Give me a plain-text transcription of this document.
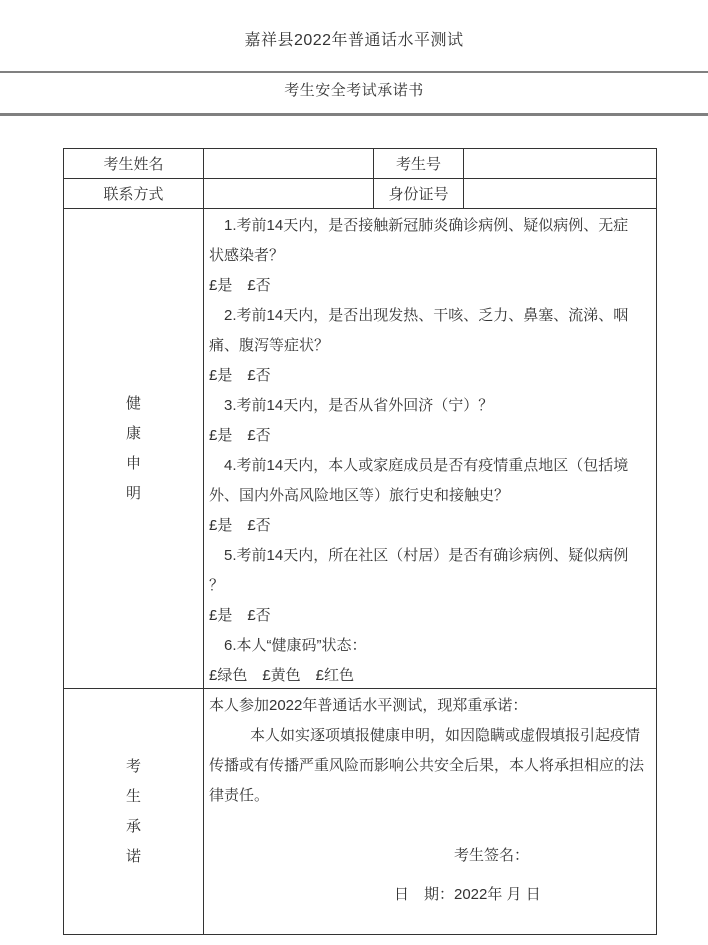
嘉祥县2022年普通话水平测试
考生安全考试承诺书
考生姓名	考生号
联系方式	身份证号
健
康
申
明
1.考前14天内，是否接触新冠肺炎确诊病例、疑似病例、无症
状感染者？
£是　£否
2.考前14天内，是否出现发热、干咳、乏力、鼻塞、流涕、咽
痛、腹泻等症状？
£是　£否
3.考前14天内，是否从省外回济（宁）？
£是　£否
4.考前14天内，本人或家庭成员是否有疫情重点地区（包括境
外、国内外高风险地区等）旅行史和接触史？
£是　£否
5.考前14天内，所在社区（村居）是否有确诊病例、疑似病例
？
£是　£否
6.本人“健康码”状态：
£绿色　£黄色　£红色
考
生
承
诺
本人参加2022年普通话水平测试，现郑重承诺：
本人如实逐项填报健康申明，如因隐瞒或虚假填报引起疫情
传播或有传播严重风险而影响公共安全后果，本人将承担相应的法
律责任。

考生签名：
日　期：2022年 月 日
